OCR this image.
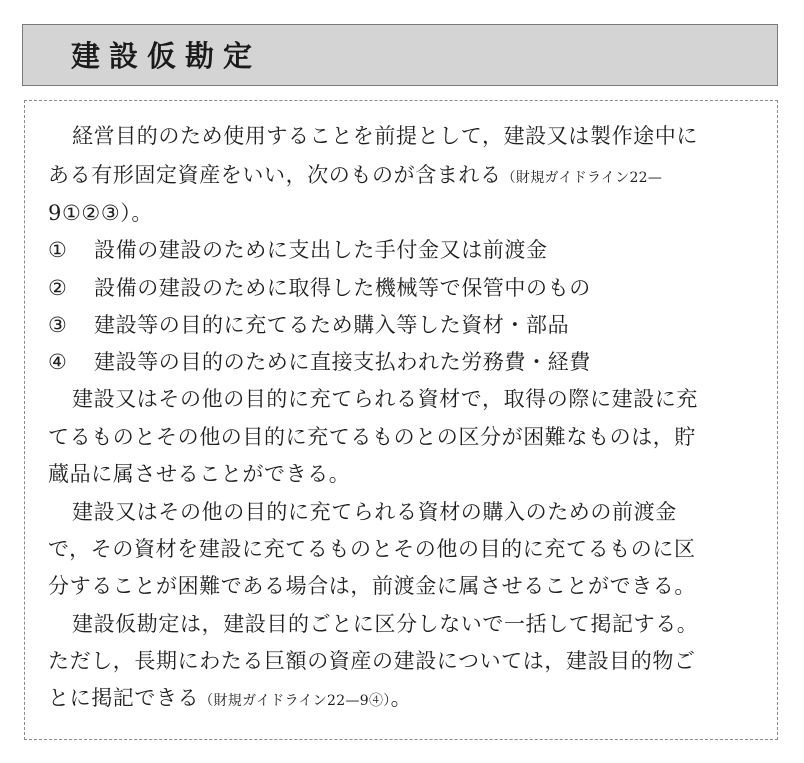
建設仮勘定
経営目的のため使用することを前提として，建設又は製作途中に
ある有形固定資産をいい，次のものが含まれる（財規ガイドライン22—
9①②③）。
① 設備の建設のために支出した手付金又は前渡金
② 設備の建設のために取得した機械等で保管中のもの
③ 建設等の目的に充てるため購入等した資材・部品
④ 建設等の目的のために直接支払われた労務費・経費
建設又はその他の目的に充てられる資材で，取得の際に建設に充
てるものとその他の目的に充てるものとの区分が困難なものは，貯
蔵品に属させることができる。
建設又はその他の目的に充てられる資材の購入のための前渡金
で，その資材を建設に充てるものとその他の目的に充てるものに区
分することが困難である場合は，前渡金に属させることができる。
建設仮勘定は，建設目的ごとに区分しないで一括して掲記する。
ただし，長期にわたる巨額の資産の建設については，建設目的物ご
とに掲記できる（財規ガイドライン22—9④）。
